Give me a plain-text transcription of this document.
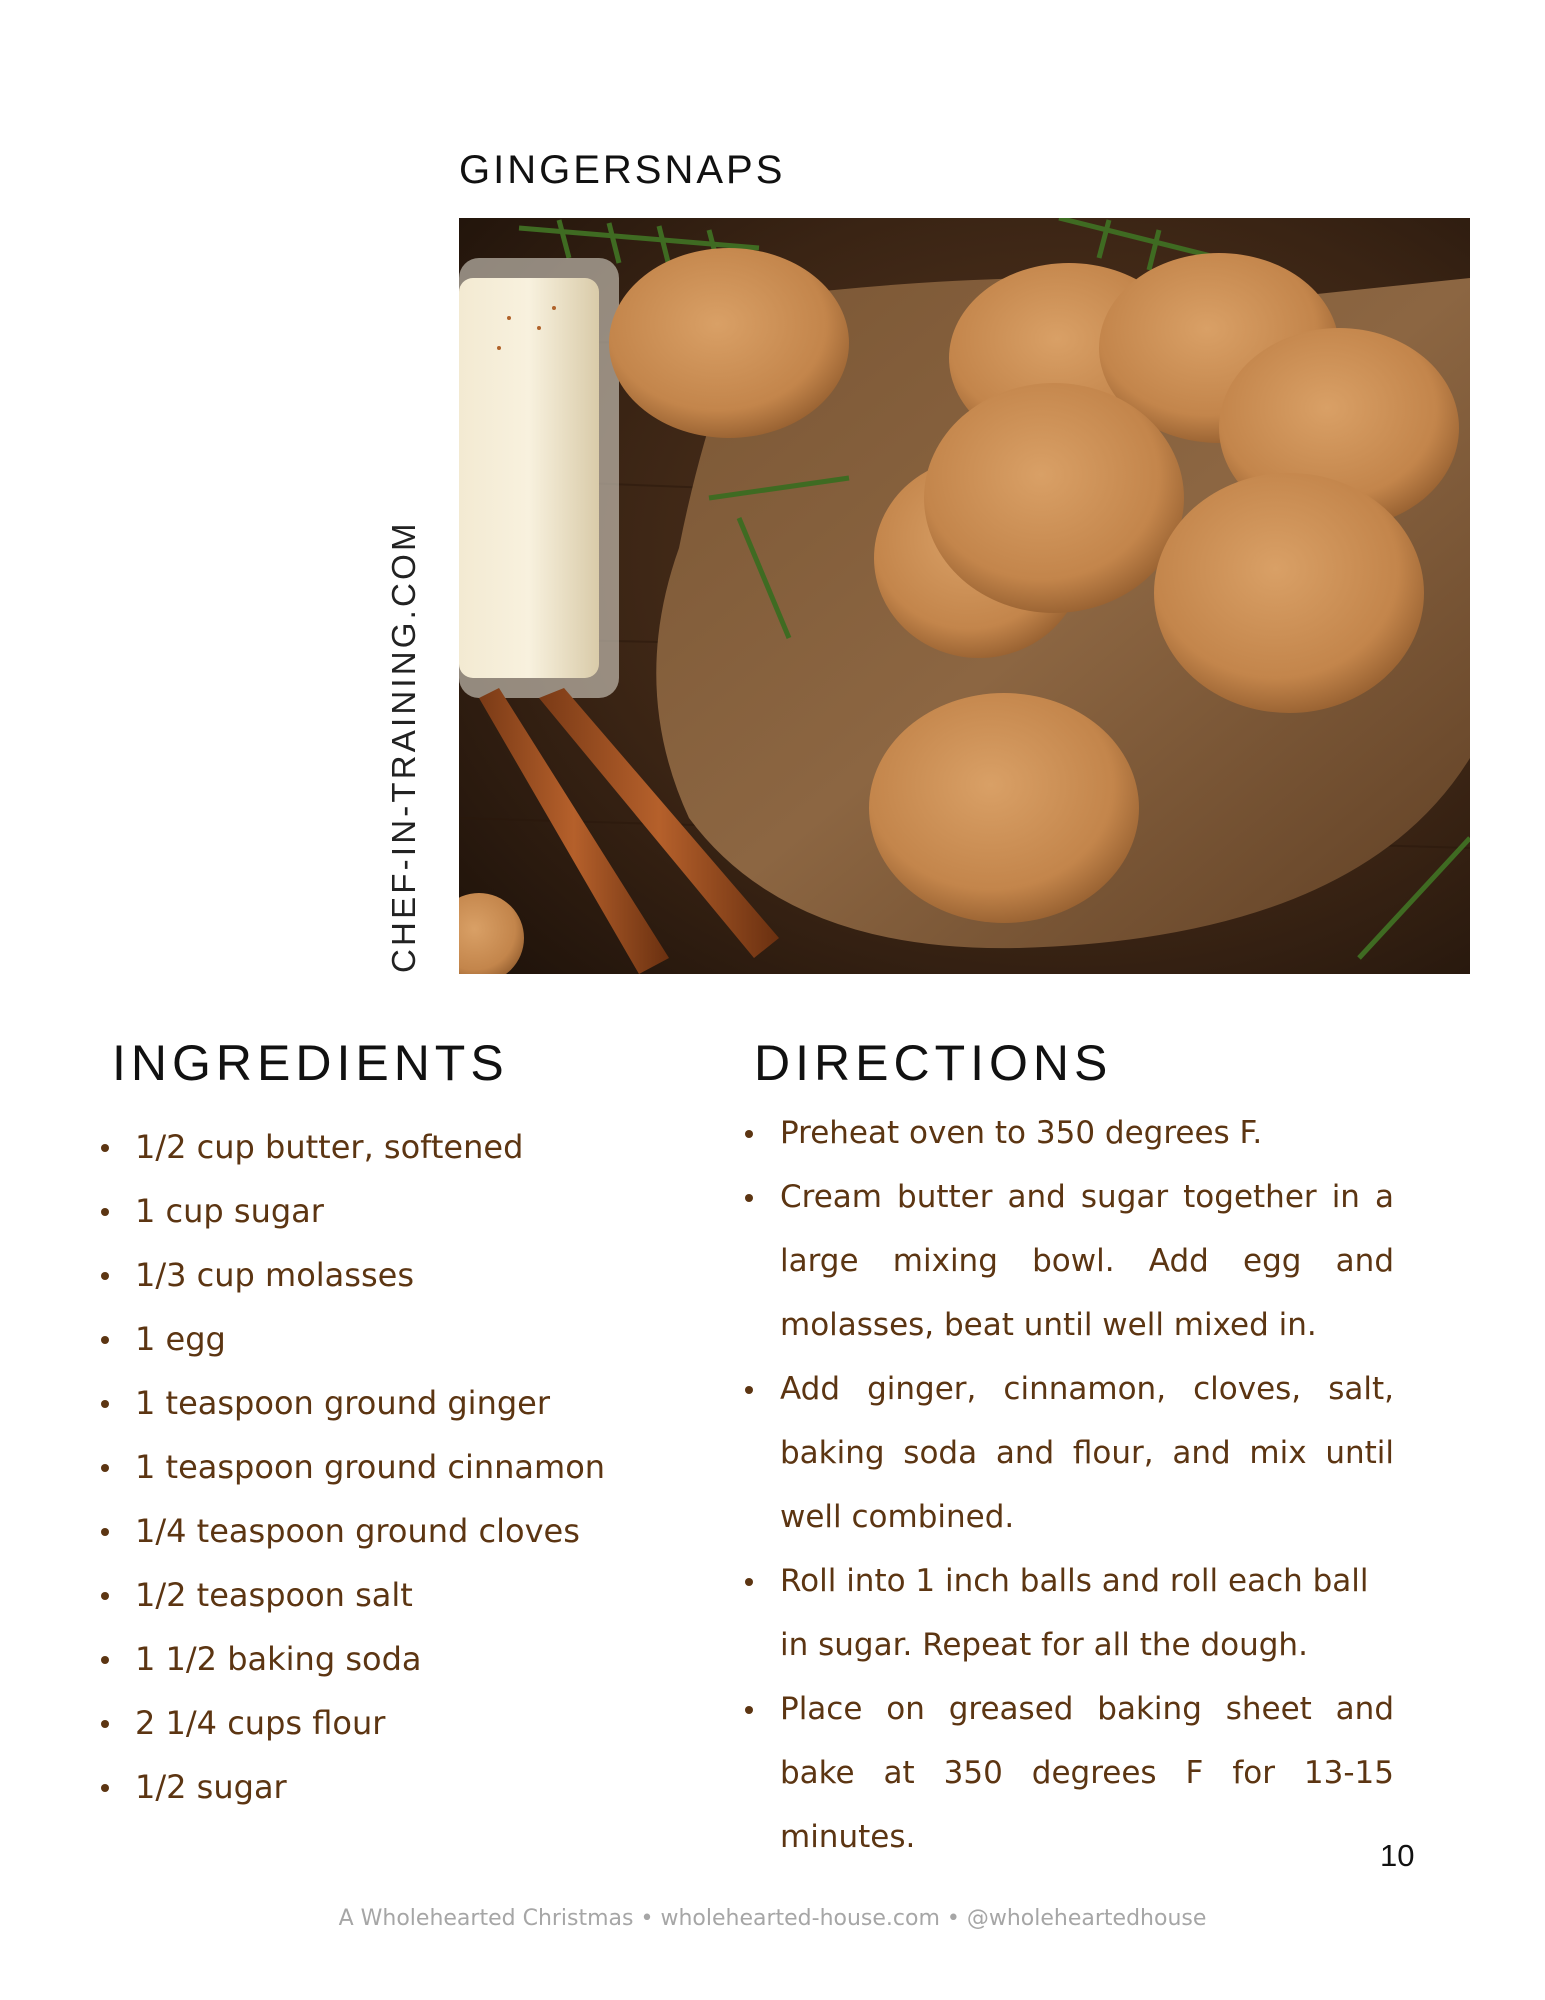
GINGERSNAPS
CHEF-IN-TRAINING.COM
INGREDIENTS	DIRECTIONS
1/2 cup butter, softened
1 cup sugar
1/3 cup molasses
1 egg
1 teaspoon ground ginger
1 teaspoon ground cinnamon
1/4 teaspoon ground cloves
1/2 teaspoon salt
1 1/2 baking soda
2 1/4 cups flour
1/2 sugar
Preheat oven to 350 degrees F.
Cream butter and sugar together in a large mixing bowl. Add egg and molasses, beat until well mixed in.
Add ginger, cinnamon, cloves, salt, baking soda and flour, and mix until well combined.
Roll into 1 inch balls and roll each ball in sugar. Repeat for all the dough.
Place on greased baking sheet and bake at 350 degrees F for 13-15 minutes.
10
A Wholehearted Christmas • wholehearted-house.com • @wholeheartedhouse
